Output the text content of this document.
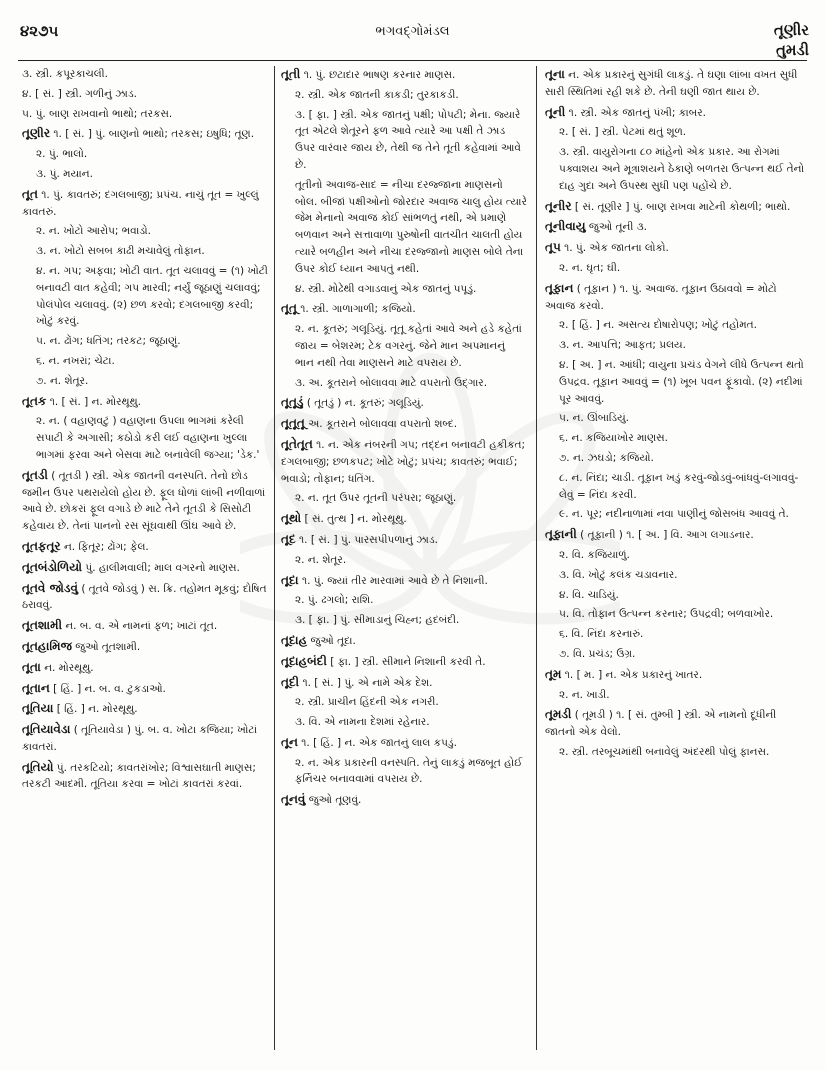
૪૨૭૫	ભગવદ્ગોમંડલ	તૂણીર
તુમડી
૩. સ્ત્રી. કપૂરકાચલી.
૪. [ સં. ] સ્ત્રી. ગળીનું ઝાડ.
૫. પું. બાણ રાખવાનો ભાથો; તરકસ.
તૂણીર ૧. [ સં. ] પું. બાણનો ભાથો; તરકસ; ઇષુધિ; તૂણ.
૨. પું. ભાલો.
૩. પું. મયાન.
તૂત ૧. પું. કાવતરું; દગલબાજી; પ્રપંચ. નાચું તૂત = ખુલ્લું કાવતરું.
૨. ન. ખોટો આરોપ; ભવાડો.
૩. ન. ખોટો સબબ કાઢી મચાવેલું તોફાન.
૪. ન. ગપ; અફવા; ખોટી વાત. તૂત ચલાવવું = (૧) ખોટી બનાવટી વાત કહેવી; ગપ મારવી; નર્યું જૂઠાણું ચલાવવું; પોલંપોલ ચલાવવું. (૨) છળ કરવો; દગલબાજી કરવી; ખોટું કરવું.
૫. ન. ઢોંગ; ધતિંગ; તરકટ; જૂઠાણું.
૬. ન. નખરાં; ચેટા.
૭. ન. શેતૂર.
તૂતક ૧. [ સં. ] ન. મોરથૂથુ.
૨. ન. ( વહાણવટું ) વહાણના ઉપલા ભાગમાં કરેલી સપાટી કે અગાસી; કઠોડો કરી લઈ વહાણના ખુલ્લા ભાગમાં ફરવા અને બેસવા માટે બનાવેલી જગ્યા; 'ડેક.'
તૂતડી ( તૂતડી ) સ્ત્રી. એક જાતની વનસ્પતિ. તેનો છોડ જમીન ઉપર પથરાયેલો હોય છે. ફૂલ ધોળાં લાંબી નળીવાળાં આવે છે. છોકરાં ફૂલ વગાડે છે માટે તેને તૂતડી કે સિસોટી કહેવાય છે. તેનાં પાનનો રસ સૂંઘવાથી ઊંઘ આવે છે.
તૂતફતૂર ન. ફિતૂર; ઢોંગ; ફેલ.
તૂતબંડોળિયો પું. હાલીમવાલી; માલ વગરનો માણસ.
તૂતવે જોડવું ( તૂતવે જોડવું ) સ. ક્રિ. તહોમત મૂકવું; દોષિત ઠરાવવું.
તૂતશામી ન. બ. વ. એ નામનાં ફળ; ખાટાં તૂત.
તૂતહામિજ જુઓ તૂતશામી.
તૂતા ન. મોરથૂથુ.
તૂતાન [ હિં. ] ન. બ. વ. ટુકડાઓ.
તૂતિયા [ હિં. ] ન. મોરથૂથુ.
તૂતિયાવેડા ( તૂતિયાવેડા ) પું. બ. વ. ખોટા કજિયા; ખોટાં કાવતરાં.
તૂતિયો પું. તરકટિયો; કાવતરાંખોર; વિશ્વાસઘાતી માણસ; તરકટી આદમી. તૂતિયા કરવા = ખોટાં કાવતરાં કરવાં.
તૂતી ૧. પું. છટાદાર ભાષણ કરનાર માણસ.
૨. સ્ત્રી. એક જાતની કાકડી; તુરકાકડી.
૩. [ ફા. ] સ્ત્રી. એક જાતનું પક્ષી; પોપટી; મેના. જ્યારે તૂત એટલે શેતૂરને ફળ આવે ત્યારે આ પક્ષી તે ઝાડ ઉપર વારંવાર જાય છે, તેથી જ તેને તૂતી કહેવામાં આવે છે.
તૂતીનો અવાજ-સાદ = નીચા દરજ્જાના માણસનો બોલ. બીજાં પક્ષીઓનો જોરદાર અવાજ ચાલુ હોય ત્યારે જેમ મેનાનો અવાજ કોઈ સાંભળતું નથી, એ પ્રમાણે બળવાન અને સત્તાવાળા પુરુષોની વાતચીત ચાલતી હોય ત્યારે બળહીન અને નીચા દરજ્જાનો માણસ બોલે તેના ઉપર કોઈ ધ્યાન આપતું નથી.
૪. સ્ત્રી. મોઢેથી વગાડવાનું એક જાતનું પપૂડું.
તૂતૂ ૧. સ્ત્રી. ગાળાગાળી; કજિયો.
૨. ન. કૂતરું; ગલૂડિયું. તૂતૂ કહેતાં આવે અને હડે કહેતાં જાય = બેશરમ; ટેક વગરનું. જેને માન અપમાનનું ભાન નથી તેવા માણસને માટે વપરાય છે.
૩. અ. કૂતરાને બોલાવવા માટે વપરાતો ઉદ્ગાર.
તૂતૂડું ( તૂતડું ) ન. કૂતરું; ગલૂડિયું.
તૂતૂતૂ અ. કૂતરાને બોલાવવા વપરાતો શબ્દ.
તૂતેતૂત ૧. ન. એક નંબરની ગપ; તદ્દન બનાવટી હકીકત; દગલબાજી; છળકપટ; ખોટે ખોટું; પ્રપંચ; કાવતરું; ભવાઈ; ભવાડો; તોફાન; ધતિંગ.
૨. ન. તૂત ઉપર તૂતની પરંપરા; જૂઠાણું.
તૂથો [ સં. તુત્થ ] ન. મોરથૂથુ.
તૂદ ૧. [ સં. ] પું. પારસપીપળાનું ઝાડ.
૨. ન. શેતૂર.
તૂદા ૧. પું. જ્યાં તીર મારવામાં આવે છે તે નિશાની.
૨. પું. ઢગલો; રાશિ.
૩. [ ફા. ] પું. સીમાડાનું ચિહ્ન; હદબંદી.
તૂદાહ જુઓ તૂદા.
તૂદાહબંદી [ ફા. ] સ્ત્રી. સીમાને નિશાની કરવી તે.
તૂદી ૧. [ સં. ] પું. એ નામે એક દેશ.
૨. સ્ત્રી. પ્રાચીન હિંદની એક નગરી.
૩. વિ. એ નામના દેશમાં રહેનાર.
તૂન ૧. [ હિં. ] ન. એક જાતનું લાલ કપડું.
૨. ન. એક પ્રકારની વનસ્પતિ. તેનું લાકડું મજબૂત હોઈ ફર્નિચર બનાવવામાં વપરાય છે.
તૂનવું જુઓ તૂણવું.
તૂના ન. એક પ્રકારનું સુગંધી લાકડું. તે ઘણા લાંબા વખત સુધી સારી સ્થિતિમાં રહી શકે છે. તેની ઘણી જાત થાય છે.
તૂની ૧. સ્ત્રી. એક જાતનું પંખી; કાબર.
૨. [ સં. ] સ્ત્રી. પેટમાં થતું શૂળ.
૩. સ્ત્રી. વાયુરોગના ૮૦ માંહેનો એક પ્રકાર. આ રોગમાં પક્વાશય અને મૂત્રાશયને ઠેકાણે બળતરા ઉત્પન્ન થઈ તેનો દાહ ગુદા અને ઉપસ્થ સુધી પણ પહોંચે છે.
તૂનીર [ સં. તૂણીર ] પું. બાણ રાખવા માટેની કોથળી; ભાથો.
તૂનીવાયુ જુઓ તૂની ૩.
તૂપ ૧. પું. એક જાતના લોકો.
૨. ન. ઘૃત; ઘી.
તૂફાન ( તૂફાન ) ૧. પું. અવાજ. તૂફાન ઉઠાવવો = મોટો અવાજ કરવો.
૨. [ હિં. ] ન. અસત્ય દોષારોપણ; ખોટું તહોમત.
૩. ન. આપત્તિ; આફત; પ્રલય.
૪. [ અ. ] ન. આંધી; વાયુના પ્રચંડ વેગને લીધે ઉત્પન્ન થતો ઉપદ્રવ. તૂફાન આવવું = (૧) ખૂબ પવન ફૂંકાવો. (૨) નદીમાં પૂર આવવું.
૫. ન. ઊંબાડિયું.
૬. ન. કજિયાખોર માણસ.
૭. ન. ઝઘડો; કજિયો.
૮. ન. નિંદા; ચાડી. તૂફાન ખડું કરવું-જોડવું-બાંધવું-લગાવવું-લેવું = નિંદા કરવી.
૯. ન. પૂર; નદીનાળામાં નવા પાણીનું જોસબંધ આવવું તે.
તૂફાની ( તૂફાની ) ૧. [ અ. ] વિ. આગ લગાડનાર.
૨. વિ. કજિયાળું.
૩. વિ. ખોટું કલંક ચડાવનાર.
૪. વિ. ચાડિયું.
૫. વિ. તોફાન ઉત્પન્ન કરનાર; ઉપદ્રવી; બળવાખોર.
૬. વિ. નિંદા કરનારું.
૭. વિ. પ્રચંડ; ઉગ્ર.
તૂમ ૧. [ મ. ] ન. એક પ્રકારનું ખાતર.
૨. ન. ખાડી.
તૂમડી ( તૂમડી ) ૧. [ સં. તુમ્બી ] સ્ત્રી. એ નામનો દૂધીની જાતનો એક વેલો.
૨. સ્ત્રી. તરબૂચમાંથી બનાવેલું અંદરથી પોલું ફાનસ.
